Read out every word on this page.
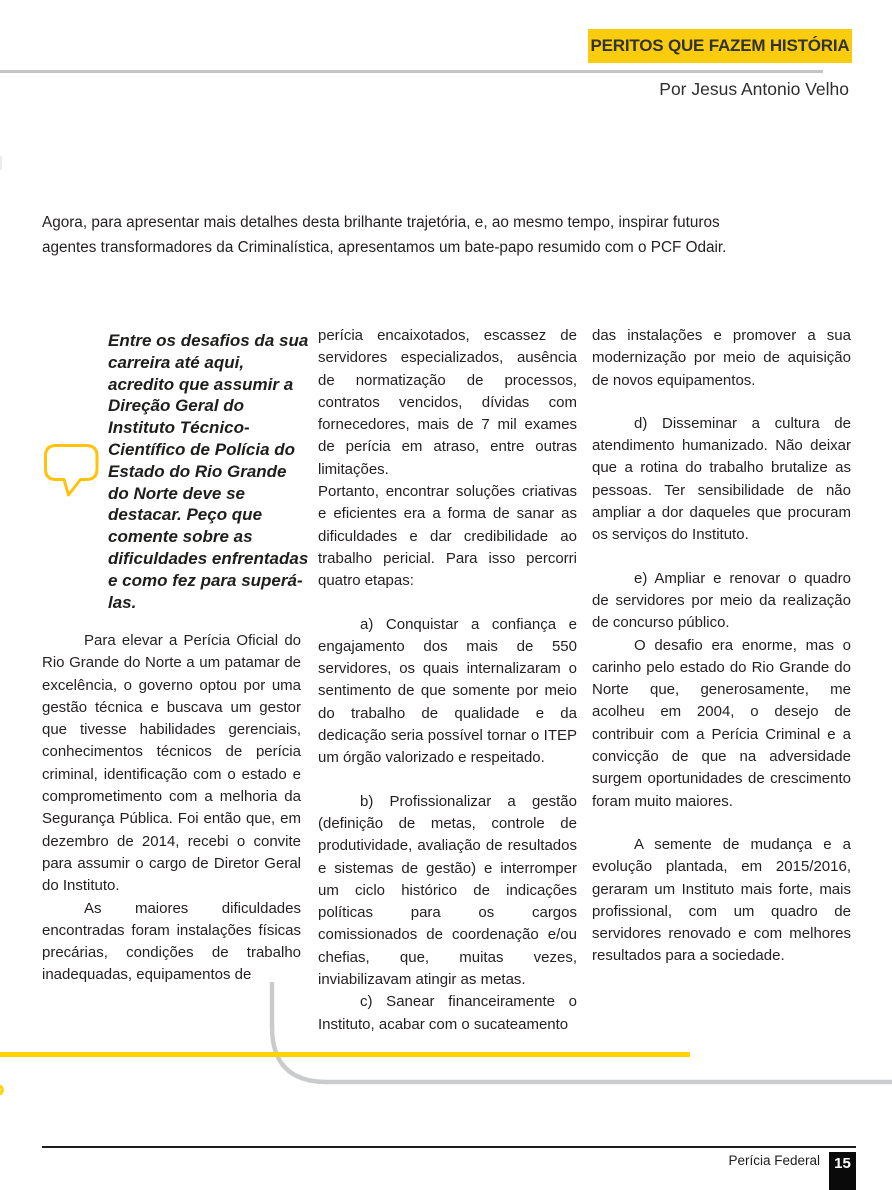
PERITOS QUE FAZEM HISTÓRIA
Por Jesus Antonio Velho
Agora, para apresentar mais detalhes desta brilhante trajetória, e, ao mesmo tempo, inspirar futuros agentes transformadores da Criminalística, apresentamos um bate-papo resumido com o PCF Odair.
Entre os desafios da sua carreira até aqui, acredito que assumir a Direção Geral do Instituto Técnico-Científico de Polícia do Estado do Rio Grande do Norte deve se destacar. Peço que comente sobre as dificuldades enfrentadas e como fez para superá-las.

Para elevar a Perícia Oficial do Rio Grande do Norte a um patamar de excelência, o governo optou por uma gestão técnica e buscava um gestor que tivesse habilidades gerenciais, conhecimentos técnicos de perícia criminal, identificação com o estado e comprometimento com a melhoria da Segurança Pública. Foi então que, em dezembro de 2014, recebi o convite para assumir o cargo de Diretor Geral do Instituto.

As maiores dificuldades encontradas foram instalações físicas precárias, condições de trabalho inadequadas, equipamentos de

perícia encaixotados, escassez de servidores especializados, ausência de normatização de processos, contratos vencidos, dívidas com fornecedores, mais de 7 mil exames de perícia em atraso, entre outras limitações.

Portanto, encontrar soluções criativas e eficientes era a forma de sanar as dificuldades e dar credibilidade ao trabalho pericial. Para isso percorri quatro etapas:

a) Conquistar a confiança e engajamento dos mais de 550 servidores, os quais internalizaram o sentimento de que somente por meio do trabalho de qualidade e da dedicação seria possível tornar o ITEP um órgão valorizado e respeitado.

b) Profissionalizar a gestão (definição de metas, controle de produtividade, avaliação de resultados e sistemas de gestão) e interromper um ciclo histórico de indicações políticas para os cargos comissionados de coordenação e/ou chefias, que, muitas vezes, inviabilizavam atingir as metas.

c) Sanear financeiramente o Instituto, acabar com o sucateamento

das instalações e promover a sua modernização por meio de aquisição de novos equipamentos.

d) Disseminar a cultura de atendimento humanizado. Não deixar que a rotina do trabalho brutalize as pessoas. Ter sensibilidade de não ampliar a dor daqueles que procuram os serviços do Instituto.

e) Ampliar e renovar o quadro de servidores por meio da realização de concurso público.

O desafio era enorme, mas o carinho pelo estado do Rio Grande do Norte que, generosamente, me acolheu em 2004, o desejo de contribuir com a Perícia Criminal e a convicção de que na adversidade surgem oportunidades de crescimento foram muito maiores.

A semente de mudança e a evolução plantada, em 2015/2016, geraram um Instituto mais forte, mais profissional, com um quadro de servidores renovado e com melhores resultados para a sociedade.

Perícia Federal 15
